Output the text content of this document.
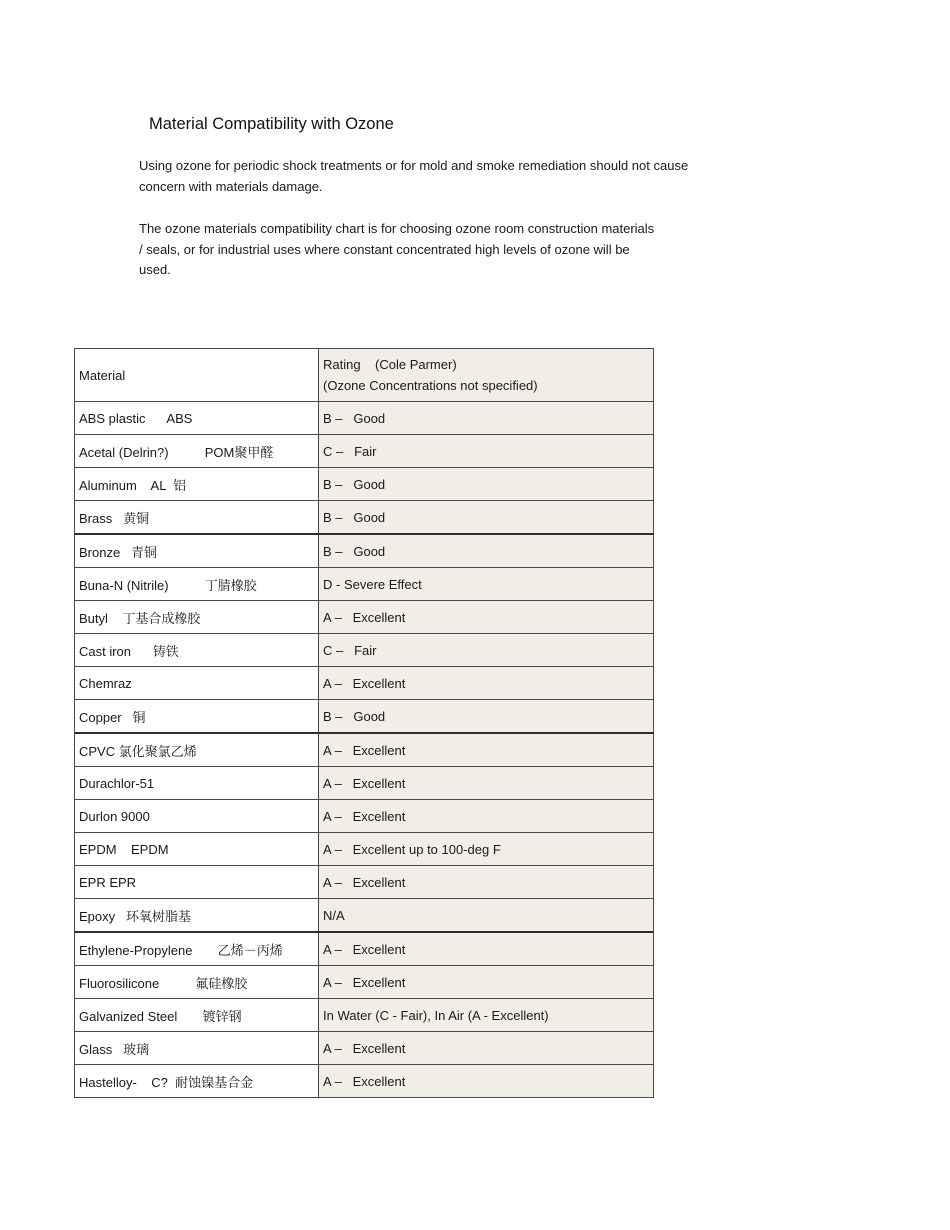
Material Compatibility with Ozone

Using ozone for periodic shock treatments or for mold and smoke remediation should not cause concern with materials damage.

The ozone materials compatibility chart is for choosing ozone room construction materials / seals, or for industrial uses where constant concentrated high levels of ozone will be used.

Material	Rating    (Cole Parmer)
(Ozone Concentrations not specified)

ABS plastic      ABS	B –   Good
Acetal (Delrin?)          POM聚甲醛	C –   Fair
Aluminum    AL  铝	B –   Good
Brass   黄铜	B –   Good
Bronze   青铜	B –   Good
Buna-N (Nitrile)          丁腈橡胶	D - Severe Effect
Butyl    丁基合成橡胶	A –   Excellent
Cast iron      铸铁	C –   Fair
Chemraz	A –   Excellent
Copper   铜	B –   Good
CPVC 氯化聚氯乙烯	A –   Excellent
Durachlor-51	A –   Excellent
Durlon 9000	A –   Excellent
EPDM    EPDM	A –   Excellent up to 100-deg F
EPR EPR	A –   Excellent
Epoxy   环氧树脂基	N/A
Ethylene-Propylene       乙烯－丙烯	A –   Excellent
Fluorosilicone          氟硅橡胶	A –   Excellent
Galvanized Steel       镀锌钢	In Water (C - Fair), In Air (A - Excellent)
Glass   玻璃	A –   Excellent
Hastelloy-    C?  耐蚀镍基合金	A –   Excellent
